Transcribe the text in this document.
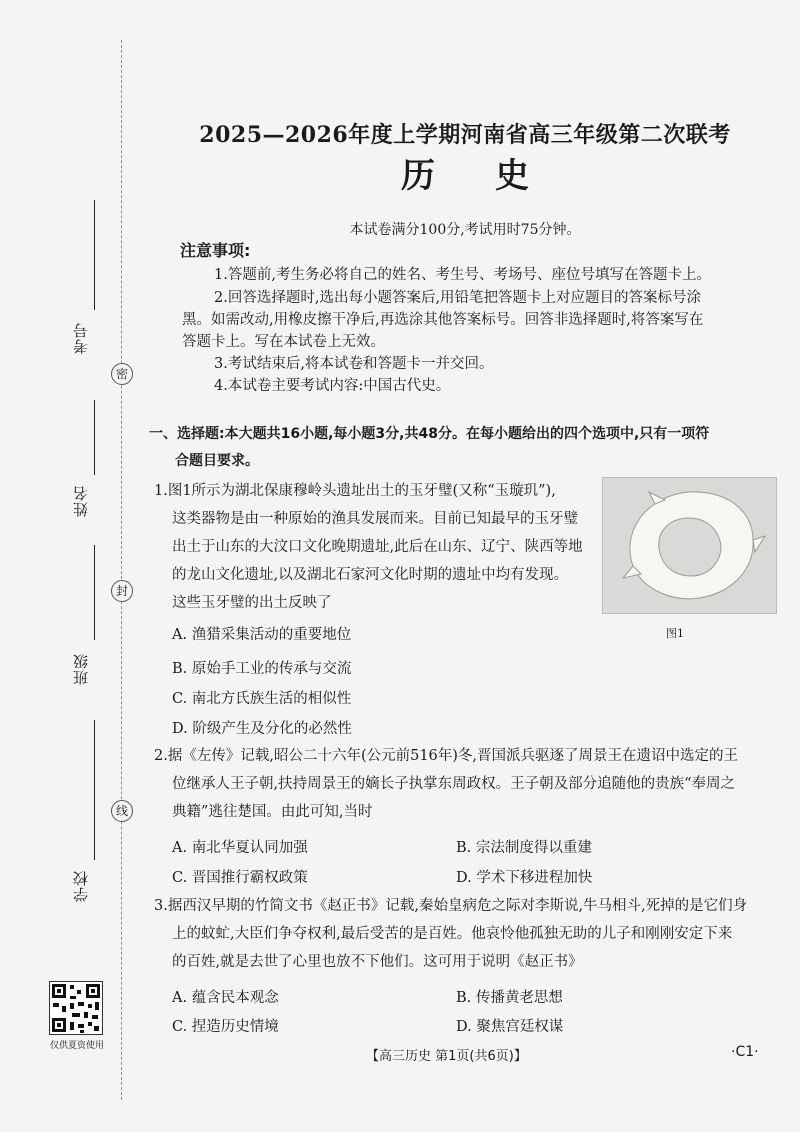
考号
姓名
班级
学校
密
封
线
仅供夏资使用
2025—2026年度上学期河南省高三年级第二次联考
历史
本试卷满分100分,考试用时75分钟。
注意事项:
1.答题前,考生务必将自己的姓名、考生号、考场号、座位号填写在答题卡上。
2.回答选择题时,选出每小题答案后,用铅笔把答题卡上对应题目的答案标号涂
黑。如需改动,用橡皮擦干净后,再选涂其他答案标号。回答非选择题时,将答案写在
答题卡上。写在本试卷上无效。
3.考试结束后,将本试卷和答题卡一并交回。
4.本试卷主要考试内容:中国古代史。
一、选择题:本大题共16小题,每小题3分,共48分。在每小题给出的四个选项中,只有一项符
合题目要求。
1.图1所示为湖北保康穆岭头遗址出土的玉牙璧(又称“玉璇玑”),
这类器物是由一种原始的渔具发展而来。目前已知最早的玉牙璧
出土于山东的大汶口文化晚期遗址,此后在山东、辽宁、陕西等地
的龙山文化遗址,以及湖北石家河文化时期的遗址中均有发现。
这些玉牙璧的出土反映了
图1
A. 渔猎采集活动的重要地位
B. 原始手工业的传承与交流
C. 南北方氏族生活的相似性
D. 阶级产生及分化的必然性
2.据《左传》记载,昭公二十六年(公元前516年)冬,晋国派兵驱逐了周景王在遗诏中选定的王
位继承人王子朝,扶持周景王的嫡长子执掌东周政权。王子朝及部分追随他的贵族“奉周之
典籍”逃往楚国。由此可知,当时
A. 南北华夏认同加强	B. 宗法制度得以重建
C. 晋国推行霸权政策	D. 学术下移进程加快
3.据西汉早期的竹简文书《赵正书》记载,秦始皇病危之际对李斯说,牛马相斗,死掉的是它们身
上的蚊虻,大臣们争夺权利,最后受苦的是百姓。他哀怜他孤独无助的儿子和刚刚安定下来
的百姓,就是去世了心里也放不下他们。这可用于说明《赵正书》
A. 蕴含民本观念	B. 传播黄老思想
C. 捏造历史情境	D. 聚焦宫廷权谋
【高三历史 第1页(共6页)】	·C1·
